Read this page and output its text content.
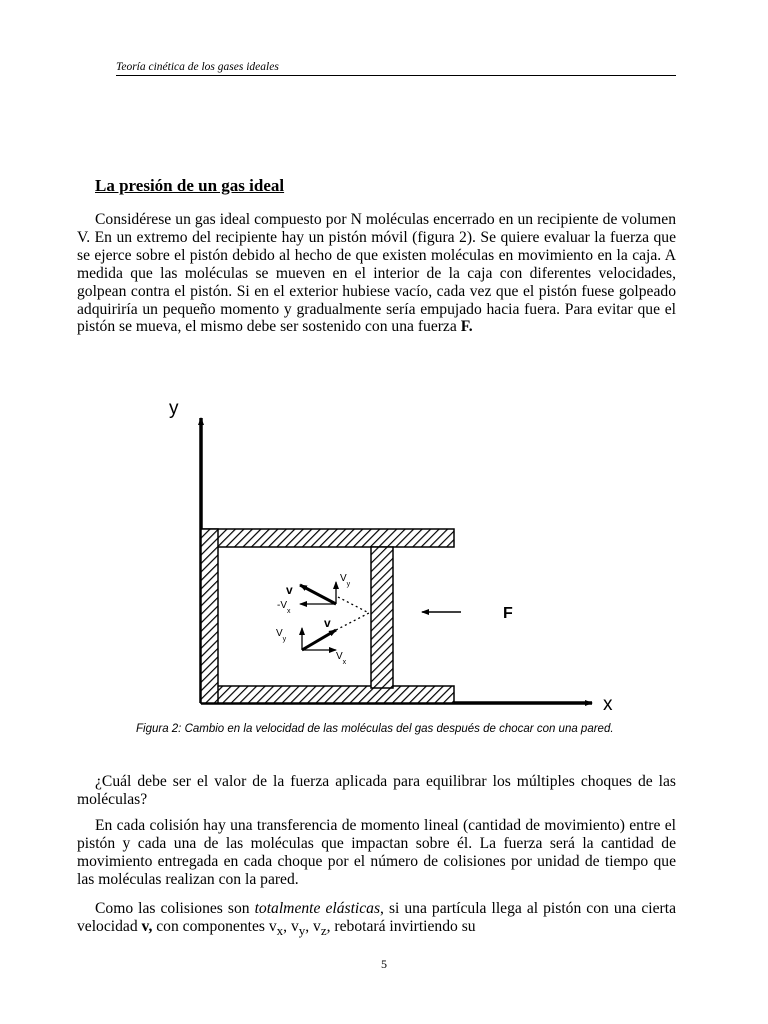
Teoría cinética de los gases ideales
La presión de un gas ideal

Considérese un gas ideal compuesto por N moléculas encerrado en un recipiente de volumen V. En un extremo del recipiente hay un pistón móvil (figura 2). Se quiere evaluar la fuerza que se ejerce sobre el pistón debido al hecho de que existen moléculas en movimiento en la caja. A medida que las moléculas se mueven en el interior de la caja con diferentes velocidades, golpean contra el pistón. Si en el exterior hubiese vacío, cada vez que el pistón fuese golpeado adquiriría un pequeño momento y gradualmente sería empujado hacia fuera. Para evitar que el pistón se mueva, el mismo debe ser sostenido con una fuerza F.

y
x
v
$V_y$
$-V_x$
v
$V_y$
$V_x$
F
Figura 2: Cambio en la velocidad de las moléculas del gas después de chocar con una pared.

¿Cuál debe ser el valor de la fuerza aplicada para equilibrar los múltiples choques de las moléculas?

En cada colisión hay una transferencia de momento lineal (cantidad de movimiento) entre el pistón y cada una de las moléculas que impactan sobre él. La fuerza será la cantidad de movimiento entregada en cada choque por el número de colisiones por unidad de tiempo que las moléculas realizan con la pared.

Como las colisiones son totalmente elásticas, si una partícula llega al pistón con una cierta velocidad v, con componentes $v_x$, $v_y$, $v_z$, rebotará invirtiendo su

5
